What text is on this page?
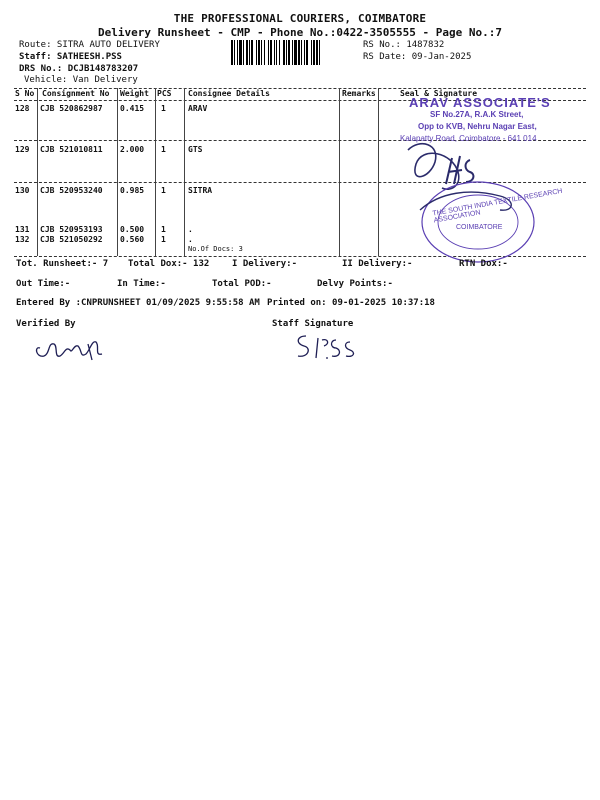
THE PROFESSIONAL COURIERS, COIMBATORE
Delivery Runsheet - CMP - Phone No.:0422-3505555 - Page No.:7
Route: SITRA AUTO DELIVERY
Staff: SATHEESH.PSS
DRS No.: DCJB148783207
Vehicle: Van Delivery
RS No.: 1487832
RS Date: 09-Jan-2025
S No Consignment No Weight PCS Consignee Details	Remarks	Seal & Signature
128 CJB 520862987 0.415 1	ARAV
129 CJB 521010811 2.000 1	GTS
130 CJB 520953240 0.985 1	SITRA
131 CJB 520953193 0.500 1	.
132 CJB 521050292 0.560 1	.
No.Of Docs: 3
ARAV ASSOCIATE'S
SF No.27A, R.A.K Street,
Opp to KVB, Nehru Nagar East,
Kalapatty Road, Coimbatore - 641 014
THE SOUTH INDIA TEXTILE RESEARCH ASSOCIATION
COIMBATORE
Tot. Runsheet:- 7 Total Dox:- 132	I Delivery:-	II Delivery:-	RTN Dox:-
Out Time:-	In Time:-	Total POD:-	Delvy Points:-
Entered By :CNPRUNSHEET 01/09/2025 9:55:58 AM Printed on: 09-01-2025 10:37:18
Verified By	Staff Signature
